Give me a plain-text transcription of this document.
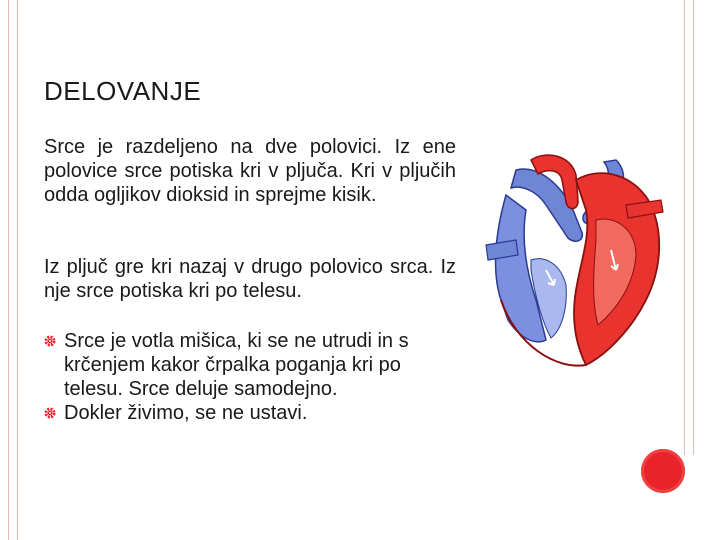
DELOVANJE
Srce je razdeljeno na dve polovici. Iz ene polovice srce potiska kri v pljuča. Kri v pljučih odda ogljikov dioksid in sprejme kisik.
Iz pljuč gre kri nazaj v drugo polovico srca. Iz nje srce potiska kri po telesu.
Srce je votla mišica, ki se ne utrudi in s krčenjem kakor črpalka poganja kri po telesu. Srce deluje samodejno.
Dokler živimo, se ne ustavi.
